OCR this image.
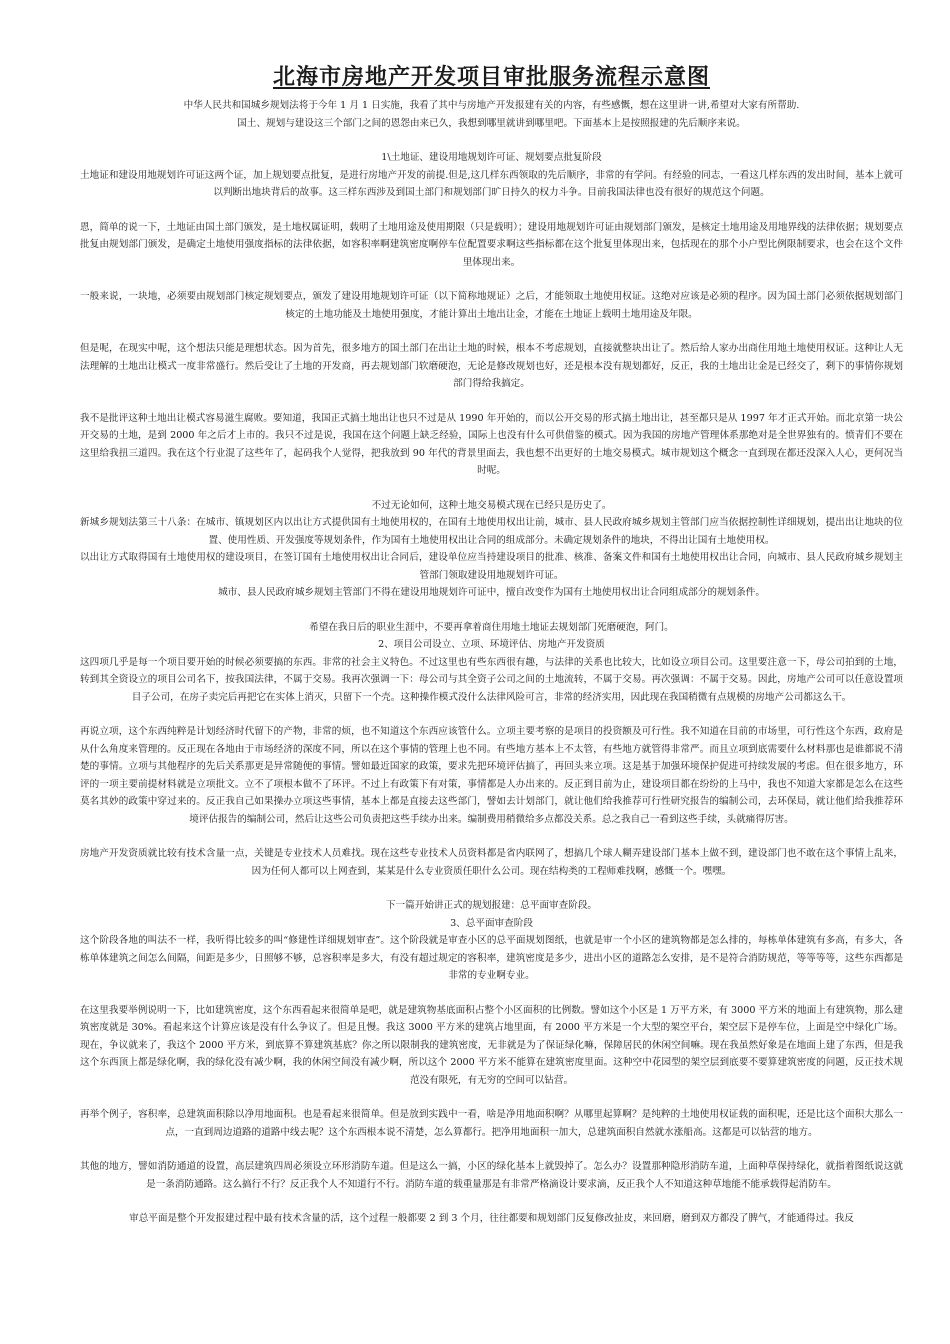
北海市房地产开发项目审批服务流程示意图

中华人民共和国城乡规划法将于今年 1 月 1 日实施，我看了其中与房地产开发报建有关的内容，有些感慨，想在这里讲一讲,希望对大家有所帮助.

国土、规划与建设这三个部门之间的恩怨由来已久，我想到哪里就讲到哪里吧。下面基本上是按照报建的先后顺序来说。

1\土地证、建设用地规划许可证、规划要点批复阶段

土地证和建设用地规划许可证这两个证，加上规划要点批复，是进行房地产开发的前提.但是,这几样东西领取的先后顺序，非常的有学问。有经验的同志，一看这几样东西的发出时间，基本上就可以判断出地块背后的故事。这三样东西涉及到国土部门和规划部门旷日持久的权力斗争。目前我国法律也没有很好的规范这个问题。

恩，简单的说一下，土地证由国土部门颁发，是土地权属证明，载明了土地用途及使用期限（只是载明）；建设用地规划许可证由规划部门颁发，是核定土地用途及用地界线的法律依据；规划要点批复由规划部门颁发，是确定土地使用强度指标的法律依据，如容积率啊建筑密度啊停车位配置要求啊这些指标都在这个批复里体现出来，包括现在的那个小户型比例限制要求，也会在这个文件里体现出来。

一般来说，一块地，必须要由规划部门核定规划要点，颁发了建设用地规划许可证（以下简称地规证）之后，才能领取土地使用权证。这绝对应该是必须的程序。因为国土部门必须依据规划部门核定的土地功能及土地使用强度，才能计算出土地出让金，才能在土地证上载明土地用途及年限。

但是呢，在现实中呢，这个想法只能是理想状态。因为首先，很多地方的国土部门在出让土地的时候，根本不考虑规划，直接就整块出让了。然后给人家办出商住用地土地使用权证。这种让人无法理解的土地出让模式一度非常盛行。然后受让了土地的开发商，再去规划部门软磨硬泡，无论是修改规划也好，还是根本没有规划都好，反正，我的土地出让金是已经交了，剩下的事情你规划部门得给我搞定。

我不是批评这种土地出让模式容易滋生腐败。要知道，我国正式搞土地出让也只不过是从 1990 年开始的，而以公开交易的形式搞土地出让，甚至都只是从 1997 年才正式开始。而北京第一块公开交易的土地，是到 2000 年之后才上市的。我只不过是说，我国在这个问题上缺乏经验，国际上也没有什么可供借鉴的模式。因为我国的房地产管理体系那绝对是全世界独有的。愤青们不要在这里给我扭三道四。我在这个行业混了这些年了，起码我个人觉得，把我放到 90 年代的背景里面去，我也想不出更好的土地交易模式。城市规划这个概念一直到现在都还没深入人心，更何况当时呢。

不过无论如何，这种土地交易模式现在已经只是历史了。

新城乡规划法第三十八条：在城市、镇规划区内以出让方式提供国有土地使用权的，在国有土地使用权出让前，城市、县人民政府城乡规划主管部门应当依据控制性详细规划，提出出让地块的位置、使用性质、开发强度等规划条件，作为国有土地使用权出让合同的组成部分。未确定规划条件的地块，不得出让国有土地使用权。

以出让方式取得国有土地使用权的建设项目，在签订国有土地使用权出让合同后，建设单位应当持建设项目的批准、核准、备案文件和国有土地使用权出让合同，向城市、县人民政府城乡规划主管部门领取建设用地规划许可证。

城市、县人民政府城乡规划主管部门不得在建设用地规划许可证中，擅自改变作为国有土地使用权出让合同组成部分的规划条件。

希望在我日后的职业生涯中，不要再拿着商住用地土地证去规划部门死磨硬泡，阿门。

2、项目公司设立、立项、环境评估、房地产开发资质

这四项几乎是每一个项目要开始的时候必须要搞的东西。非常的社会主义特色。不过这里也有些东西很有趣，与法律的关系也比较大，比如设立项目公司。这里要注意一下，母公司拍到的土地，转到其全资设立的项目公司名下，按我国法律，不属于交易。我再次强调一下：母公司与其全资子公司之间的土地流转，不属于交易。再次强调：不属于交易。因此，房地产公司可以任意设置项目子公司，在房子卖完后再把它在实体上消灭，只留下一个壳。这种操作模式没什么法律风险可言，非常的经济实用，因此现在我国稍微有点规模的房地产公司都这么干。

再说立项，这个东西纯粹是计划经济时代留下的产物，非常的烦，也不知道这个东西应该管什么。立项主要考察的是项目的投资额及可行性。我不知道在目前的市场里，可行性这个东西，政府是从什么角度来管理的。反正现在各地由于市场经济的深度不同，所以在这个事情的管理上也不同。有些地方基本上不太管，有些地方就管得非常严。而且立项到底需要什么材料那也是谁都说不清楚的事情。立项与其他程序的先后关系那更是异常随便的事情。譬如最近国家的政策，要求先把环境评估搞了，再回头来立项。这是基于加强环境保护促进可持续发展的考虑。但在很多地方，环评的一项主要前提材料就是立项批文。立不了项根本做不了环评。不过上有政策下有对策，事情都是人办出来的。反正到目前为止，建设项目都在纷纷的上马中，我也不知道大家都是怎么在这些莫名其妙的政策中穿过来的。反正我自己如果操办立项这些事情，基本上都是直接去这些部门，譬如去计划部门，就让他们给我推荐可行性研究报告的编制公司，去环保局，就让他们给我推荐环境评估报告的编制公司，然后让这些公司负责把这些手续办出来。编制费用稍微给多点都没关系。总之我自己一看到这些手续，头就痛得厉害。

房地产开发资质就比较有技术含量一点，关键是专业技术人员难找。现在这些专业技术人员资料都是省内联网了，想搞几个球人糊弄建设部门基本上做不到，建设部门也不敢在这个事情上乱来，因为任何人都可以上网查到，某某是什么专业资质任职什么公司。现在结构类的工程师难找啊，感慨一个。嘿嘿。

下一篇开始讲正式的规划报建：总平面审查阶段。

3、总平面审查阶段

这个阶段各地的叫法不一样，我听得比较多的叫“修建性详细规划审查”。这个阶段就是审查小区的总平面规划图纸，也就是审一个小区的建筑物都是怎么排的，每栋单体建筑有多高，有多大，各栋单体建筑之间怎么间隔，间距是多少，日照够不够，总容积率是多大，有没有超过规定的容积率，建筑密度是多少，进出小区的道路怎么安排，是不是符合消防规范，等等等等，这些东西都是非常的专业啊专业。

在这里我要举例说明一下，比如建筑密度，这个东西看起来很简单是吧，就是建筑物基底面积占整个小区面积的比例数。譬如这个小区是 1 万平方米，有 3000 平方米的地面上有建筑物，那么建筑密度就是 30%。看起来这个计算应该是没有什么争议了。但是且慢。我这 3000 平方米的建筑占地里面，有 2000 平方米是一个大型的架空平台，架空层下是停车位，上面是空中绿化广场。现在，争议就来了，我这个 2000 平方米，到底算不算建筑基底？你之所以限制我的建筑密度，无非就是为了保证绿化嘛，保障居民的休闲空间嘛。现在我虽然好象是在地面上建了东西，但是我这个东西顶上都是绿化啊，我的绿化没有减少啊，我的休闲空间没有减少啊，所以这个 2000 平方米不能算在建筑密度里面。这种空中花园型的架空层到底要不要算建筑密度的问题，反正技术规范没有限死，有无穷的空间可以钻营。

再举个例子，容积率，总建筑面积除以净用地面积。也是看起来很简单。但是放到实践中一看，啥是净用地面积啊？从哪里起算啊？是纯粹的土地使用权证载的面积呢，还是比这个面积大那么一点，一直到周边道路的道路中线去呢？这个东西根本说不清楚，怎么算都行。把净用地面积一加大，总建筑面积自然就水涨船高。这都是可以钻营的地方。

其他的地方，譬如消防通道的设置，高层建筑四周必须设立环形消防车道。但是这么一搞，小区的绿化基本上就毁掉了。怎么办？设置那种隐形消防车道，上面种草保持绿化，就指着图纸说这就是一条消防通路。这么搞行不行？反正我个人不知道行不行。消防车道的载重量那是有非常严格滴设计要求滴，反正我个人不知道这种草地能不能承载得起消防车。

审总平面是整个开发报建过程中最有技术含量的活，这个过程一般都要 2 到 3 个月，往往都要和规划部门反复修改扯皮，来回磨，磨到双方都没了脾气，才能通得过。我反
